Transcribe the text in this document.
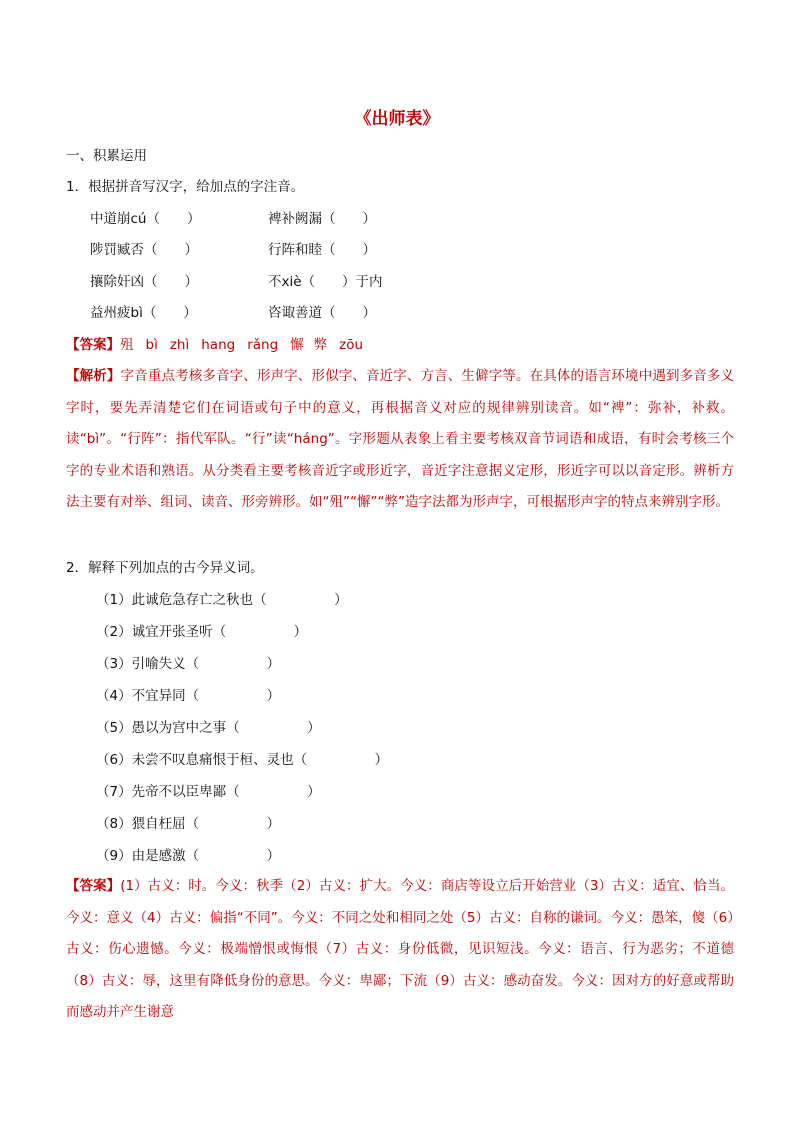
《出师表》
一、积累运用
1．根据拼音写汉字，给加点的字注音。
中道崩cú（　　）	裨补阙漏（　　）
陟罚臧否（　　）	行阵和睦（　　）
攘除奸凶（　　）	不xiè（　　）于内
益州疲bì（　　）	咨诹善道（　　）
【答案】殂 bì zhì hang rǎng 懈 弊 zōu
【解析】字音重点考核多音字、形声字、形似字、音近字、方言、生僻字等。在具体的语言环境中遇到多音多义字时，要先弄清楚它们在词语或句子中的意义，再根据音义对应的规律辨别读音。如“裨”：弥补，补救。读“bì”。“行阵”：指代军队。“行”读“háng”。字形题从表象上看主要考核双音节词语和成语，有时会考核三个字的专业术语和熟语。从分类看主要考核音近字或形近字，音近字注意据义定形，形近字可以以音定形。辨析方法主要有对举、组词、读音、形旁辨形。如“殂”“懈”“弊”造字法都为形声字，可根据形声字的特点来辨别字形。
2．解释下列加点的古今异义词。
（1）此诚危急存亡之秋也（　　　　　）
（2）诚宜开张圣听（　　　　　）
（3）引喻失义（　　　　　）
（4）不宜异同（　　　　　）
（5）愚以为宫中之事（　　　　　）
（6）未尝不叹息痛恨于桓、灵也（　　　　　）
（7）先帝不以臣卑鄙（　　　　　）
（8）猥自枉屈（　　　　　）
（9）由是感激（　　　　　）
【答案】(1）古义：时。今义：秋季（2）古义：扩大。今义：商店等设立后开始营业（3）古义：适宜、恰当。今义：意义（4）古义：偏指“不同”。今义：不同之处和相同之处（5）古义：自称的谦词。今义：愚笨，傻（6）古义：伤心遗憾。今义：极端憎恨或悔恨（7）古义：身份低微，见识短浅。今义：语言、行为恶劣；不道德（8）古义：辱，这里有降低身份的意思。今义：卑鄙；下流（9）古义：感动奋发。今义：因对方的好意或帮助而感动并产生谢意
